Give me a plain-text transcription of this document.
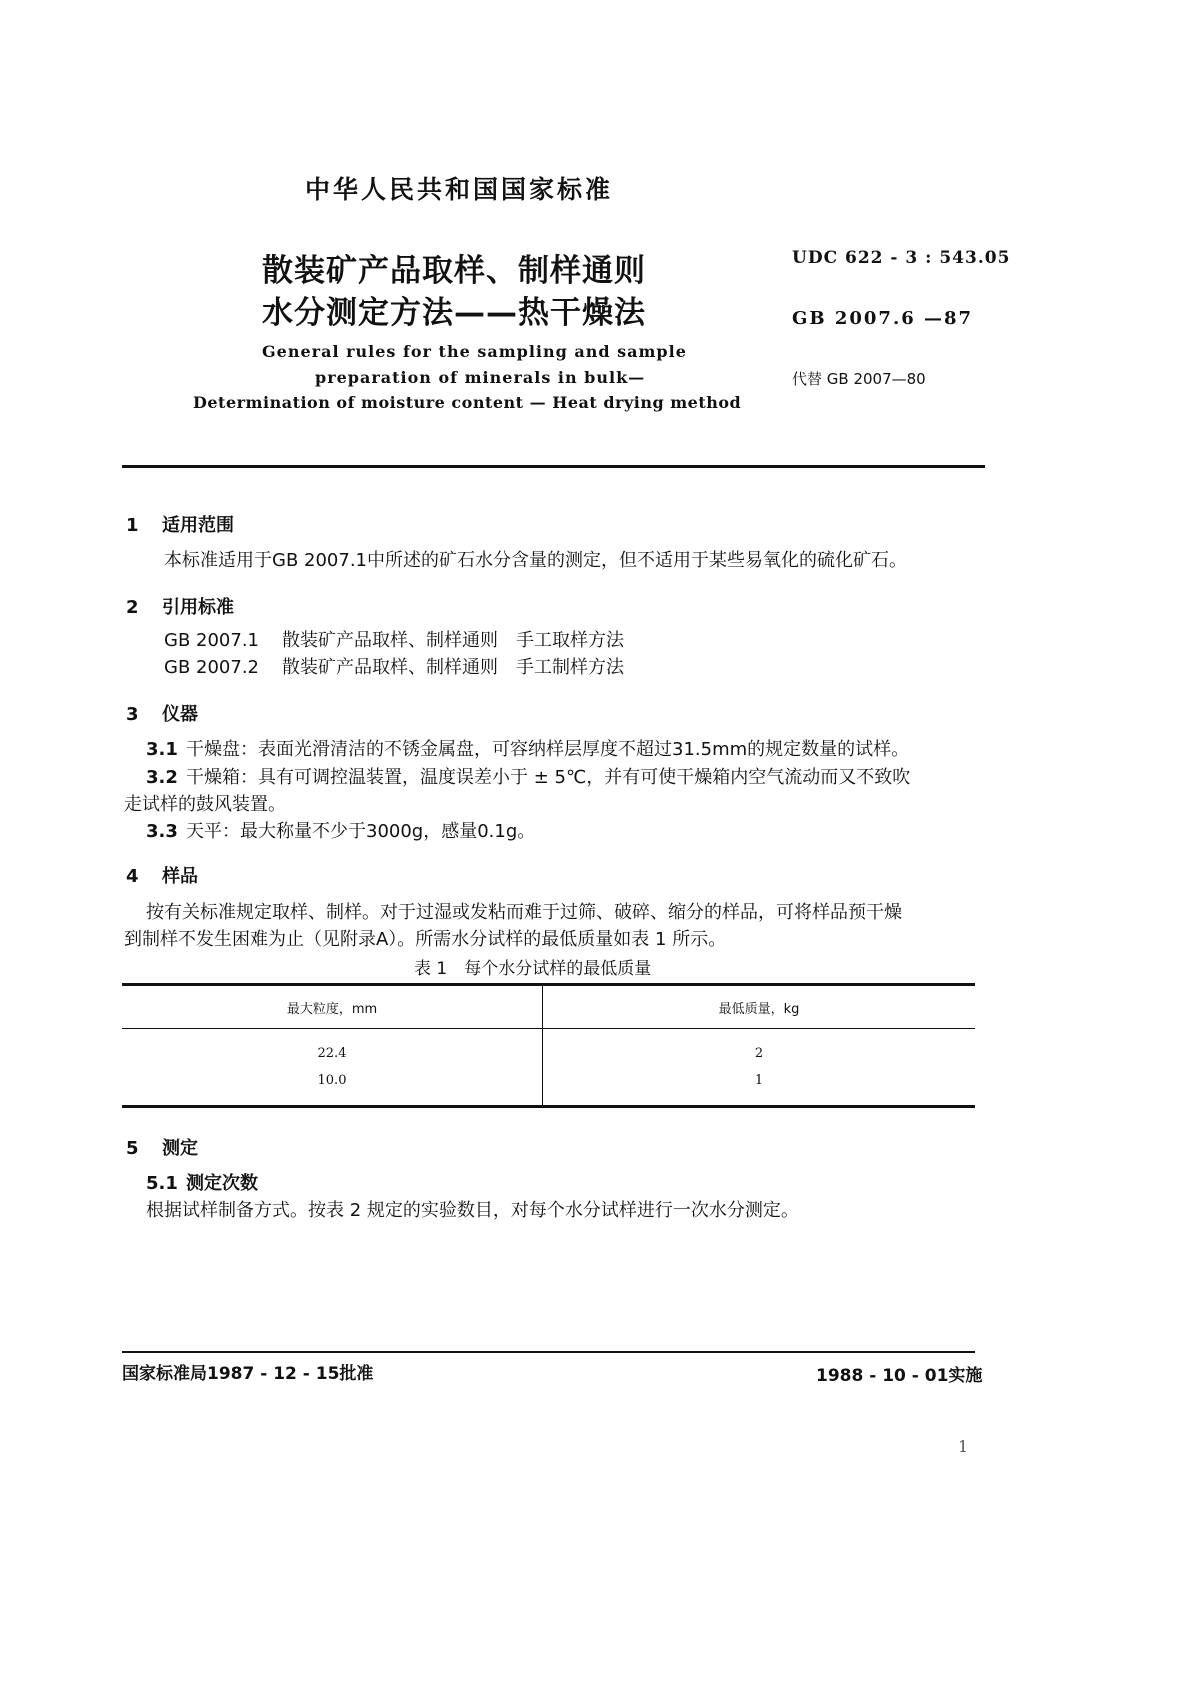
中华人民共和国国家标准
散装矿产品取样、制样通则
水分测定方法——热干燥法
UDC 622 - 3 : 543.05
GB 2007.6 —87
代替 GB 2007—80
General rules for the sampling and sample
preparation of minerals in bulk—
Determination of moisture content — Heat drying method
1 适用范围
本标准适用于GB 2007.1中所述的矿石水分含量的测定，但不适用于某些易氧化的硫化矿石。
2 引用标准
GB 2007.1 散装矿产品取样、制样通则　手工取样方法
GB 2007.2 散装矿产品取样、制样通则　手工制样方法
3 仪器
3.1 干燥盘：表面光滑清洁的不锈金属盘，可容纳样层厚度不超过31.5mm的规定数量的试样。
3.2 干燥箱：具有可调控温装置，温度误差小于 ± 5℃，并有可使干燥箱内空气流动而又不致吹
走试样的鼓风装置。
3.3 天平：最大称量不少于3000g，感量0.1g。
4 样品
按有关标准规定取样、制样。对于过湿或发粘而难于过筛、破碎、缩分的样品，可将样品预干燥
到制样不发生困难为止（见附录A）。所需水分试样的最低质量如表 1 所示。
表 1　每个水分试样的最低质量
最大粒度，mm	最低质量，kg
22.4	2
10.0	1
5 测定
5.1 测定次数
根据试样制备方式。按表 2 规定的实验数目，对每个水分试样进行一次水分测定。
国家标准局1987 - 12 - 15批准	1988 - 10 - 01实施
1
